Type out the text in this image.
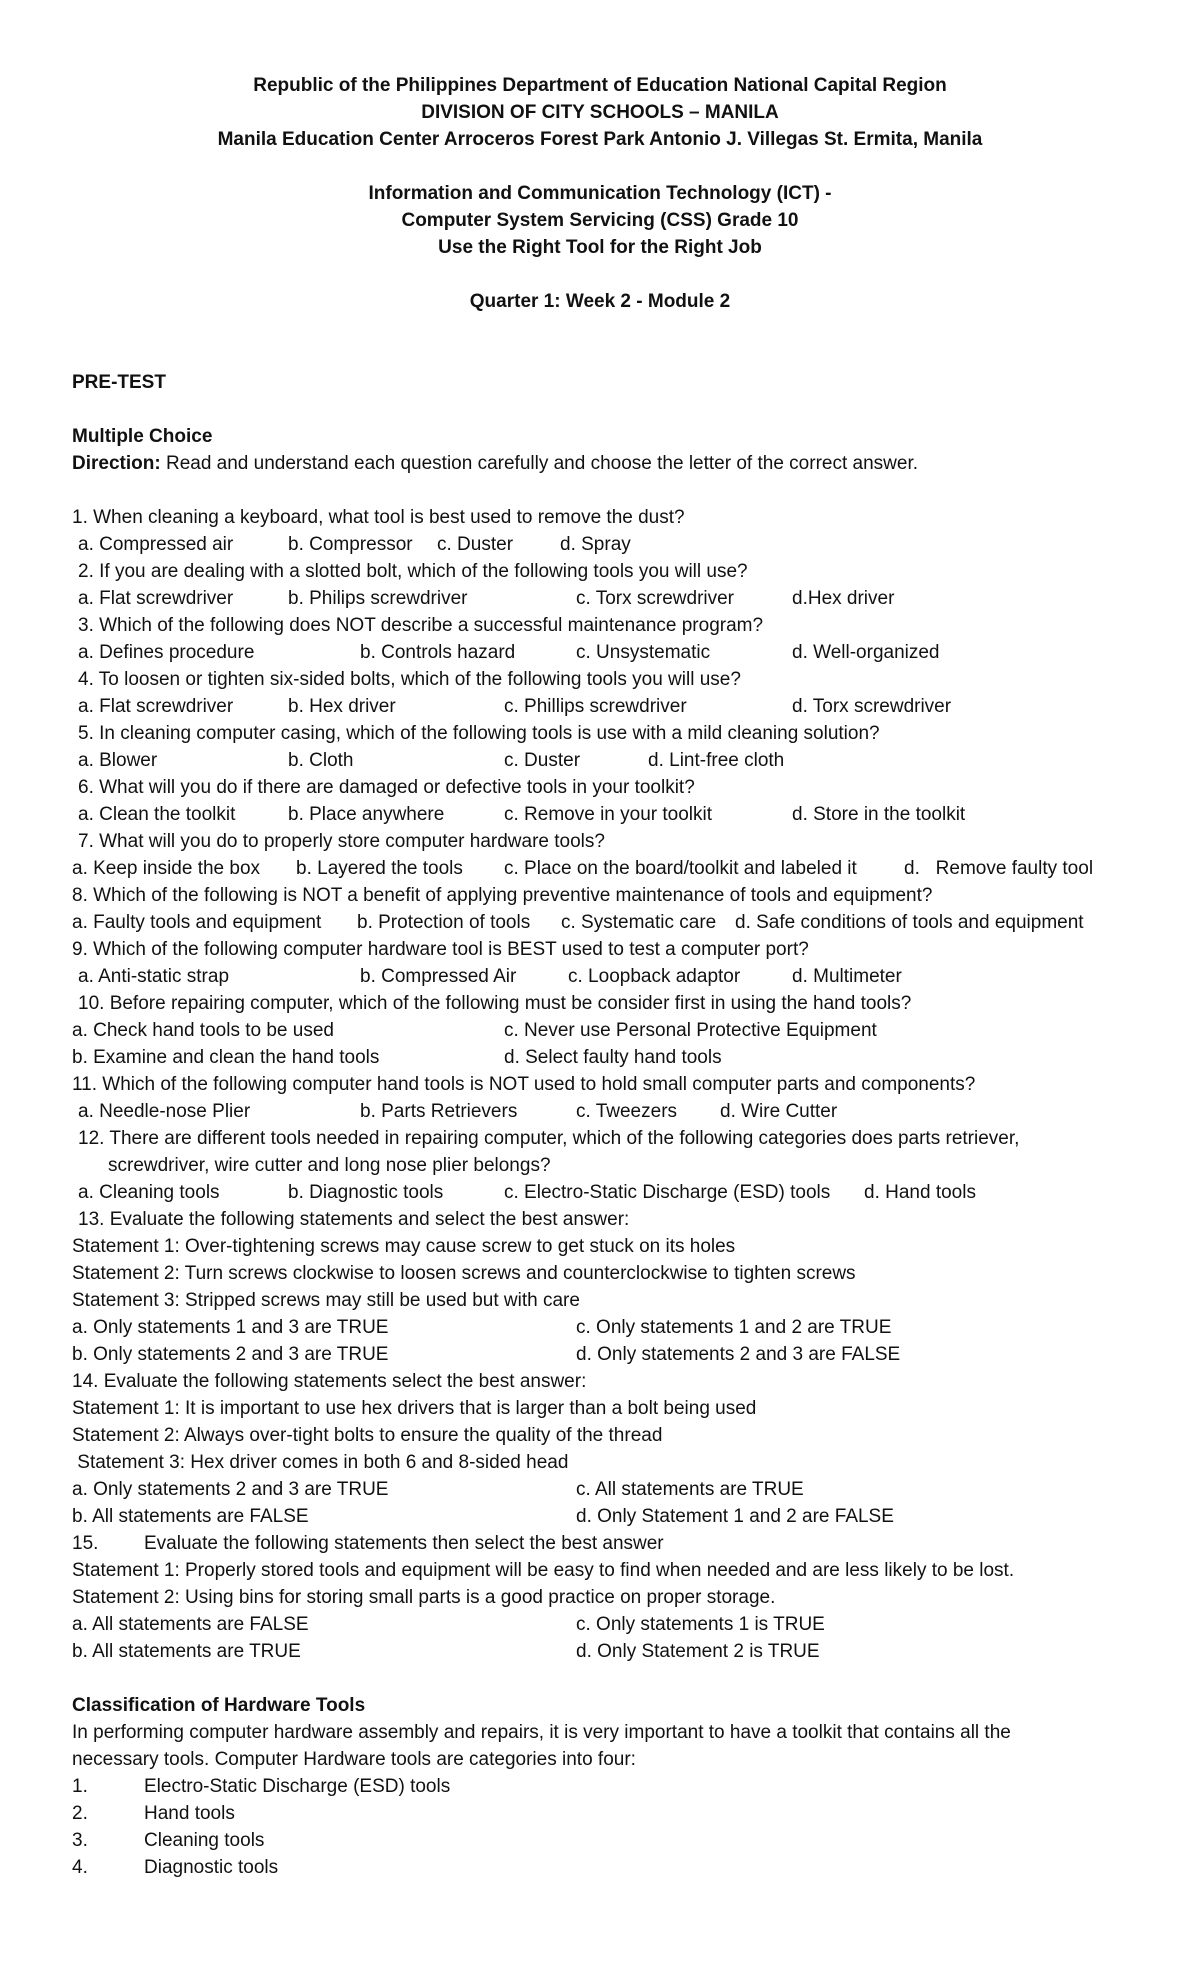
Republic of the Philippines Department of Education National Capital Region
DIVISION OF CITY SCHOOLS – MANILA
Manila Education Center Arroceros Forest Park Antonio J. Villegas St. Ermita, Manila
Information and Communication Technology (ICT) -
Computer System Servicing (CSS) Grade 10
Use the Right Tool for the Right Job
Quarter 1: Week 2 - Module 2
PRE-TEST
Multiple Choice
Direction: Read and understand each question carefully and choose the letter of the correct answer.
1. When cleaning a keyboard, what tool is best used to remove the dust?
a. Compressed air	b. Compressor c. Duster d. Spray
2. If you are dealing with a slotted bolt, which of the following tools you will use?
a. Flat screwdriver	b. Philips screwdriver	c. Torx screwdriver	d.Hex driver
3. Which of the following does NOT describe a successful maintenance program?
a. Defines procedure	b. Controls hazard	c. Unsystematic	d. Well-organized
4. To loosen or tighten six-sided bolts, which of the following tools you will use?
a. Flat screwdriver	b. Hex driver	c. Phillips screwdriver	d. Torx screwdriver
5. In cleaning computer casing, which of the following tools is use with a mild cleaning solution?
a. Blower	b. Cloth	c. Duster	d. Lint-free cloth
6. What will you do if there are damaged or defective tools in your toolkit?
a. Clean the toolkit	b. Place anywhere	c. Remove in your toolkit	d. Store in the toolkit
7. What will you do to properly store computer hardware tools?
a. Keep inside the box b. Layered the tools c. Place on the board/toolkit and labeled it d.   Remove faulty tool
8. Which of the following is NOT a benefit of applying preventive maintenance of tools and equipment?
a. Faulty tools and equipment b. Protection of tools c. Systematic care d. Safe conditions of tools and equipment
9. Which of the following computer hardware tool is BEST used to test a computer port?
a. Anti-static strap	b. Compressed Air	c. Loopback adaptor	d. Multimeter
10. Before repairing computer, which of the following must be consider first in using the hand tools?
a. Check hand tools to be used	c. Never use Personal Protective Equipment
b. Examine and clean the hand tools	d. Select faulty hand tools
11. Which of the following computer hand tools is NOT used to hold small computer parts and components?
a. Needle-nose Plier	b. Parts Retrievers	c. Tweezers d. Wire Cutter
12. There are different tools needed in repairing computer, which of the following categories does parts retriever,
screwdriver, wire cutter and long nose plier belongs?
a. Cleaning tools	b. Diagnostic tools	c. Electro-Static Discharge (ESD) tools d. Hand tools
13. Evaluate the following statements and select the best answer:
Statement 1: Over-tightening screws may cause screw to get stuck on its holes
Statement 2: Turn screws clockwise to loosen screws and counterclockwise to tighten screws
Statement 3: Stripped screws may still be used but with care
a. Only statements 1 and 3 are TRUE	c. Only statements 1 and 2 are TRUE
b. Only statements 2 and 3 are TRUE	d. Only statements 2 and 3 are FALSE
14. Evaluate the following statements select the best answer:
Statement 1: It is important to use hex drivers that is larger than a bolt being used
Statement 2: Always over-tight bolts to ensure the quality of the thread
Statement 3: Hex driver comes in both 6 and 8-sided head
a. Only statements 2 and 3 are TRUE	c. All statements are TRUE
b. All statements are FALSE	d. Only Statement 1 and 2 are FALSE
15. Evaluate the following statements then select the best answer
Statement 1: Properly stored tools and equipment will be easy to find when needed and are less likely to be lost.
Statement 2: Using bins for storing small parts is a good practice on proper storage.
a. All statements are FALSE	c. Only statements 1 is TRUE
b. All statements are TRUE	d. Only Statement 2 is TRUE
Classification of Hardware Tools
In performing computer hardware assembly and repairs, it is very important to have a toolkit that contains all the
necessary tools. Computer Hardware tools are categories into four:
1.	Electro-Static Discharge (ESD) tools
2.	Hand tools
3.	Cleaning tools
4.	Diagnostic tools
